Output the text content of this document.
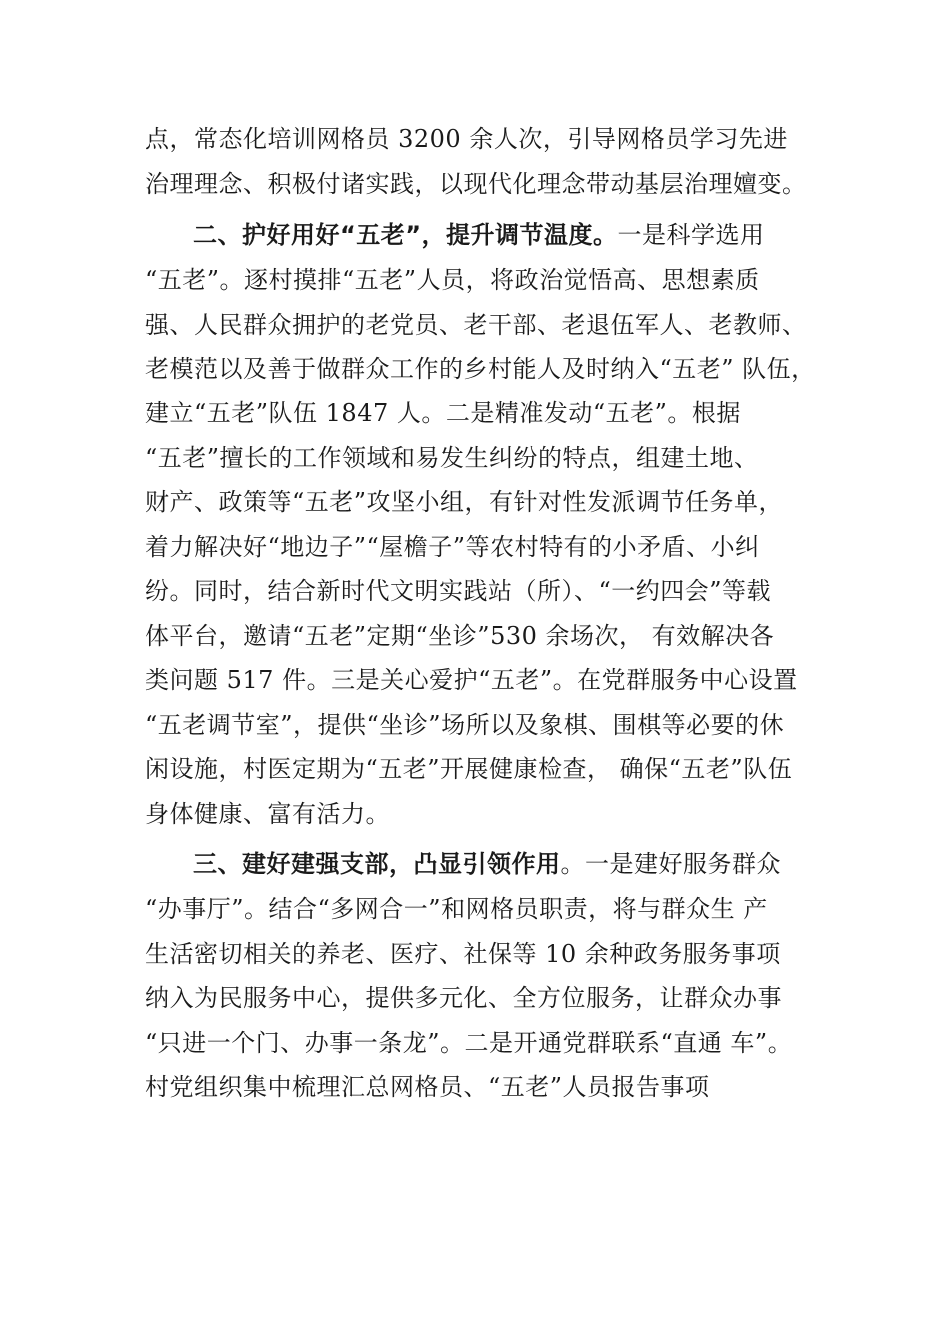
点，常态化培训网格员 3200 余人次，引导网格员学习先进
治理理念、积极付诸实践，以现代化理念带动基层治理嬗变。
二、护好用好“五老”，提升调节温度。一是科学选用
“五老”。逐村摸排“五老”人员，将政治觉悟高、思想素质
强、人民群众拥护的老党员、老干部、老退伍军人、老教师、
老模范以及善于做群众工作的乡村能人及时纳入“五老” 队伍，
建立“五老”队伍 1847 人。二是精准发动“五老”。根据
“五老”擅长的工作领域和易发生纠纷的特点，组建土地、
财产、政策等“五老”攻坚小组，有针对性发派调节任务单，
着力解决好“地边子”“屋檐子”等农村特有的小矛盾、小纠
纷。同时，结合新时代文明实践站（所）、“一约四会”等载
体平台，邀请“五老”定期“坐诊”530 余场次， 有效解决各
类问题 517 件。三是关心爱护“五老”。在党群服务中心设置
“五老调节室”，提供“坐诊”场所以及象棋、围棋等必要的休
闲设施，村医定期为“五老”开展健康检查， 确保“五老”队伍
身体健康、富有活力。
三、建好建强支部，凸显引领作用。一是建好服务群众
“办事厅”。结合“多网合一”和网格员职责，将与群众生 产
生活密切相关的养老、医疗、社保等 10 余种政务服务事项
纳入为民服务中心，提供多元化、全方位服务，让群众办事
“只进一个门、办事一条龙”。二是开通党群联系“直通 车”。
村党组织集中梳理汇总网格员、“五老”人员报告事项
